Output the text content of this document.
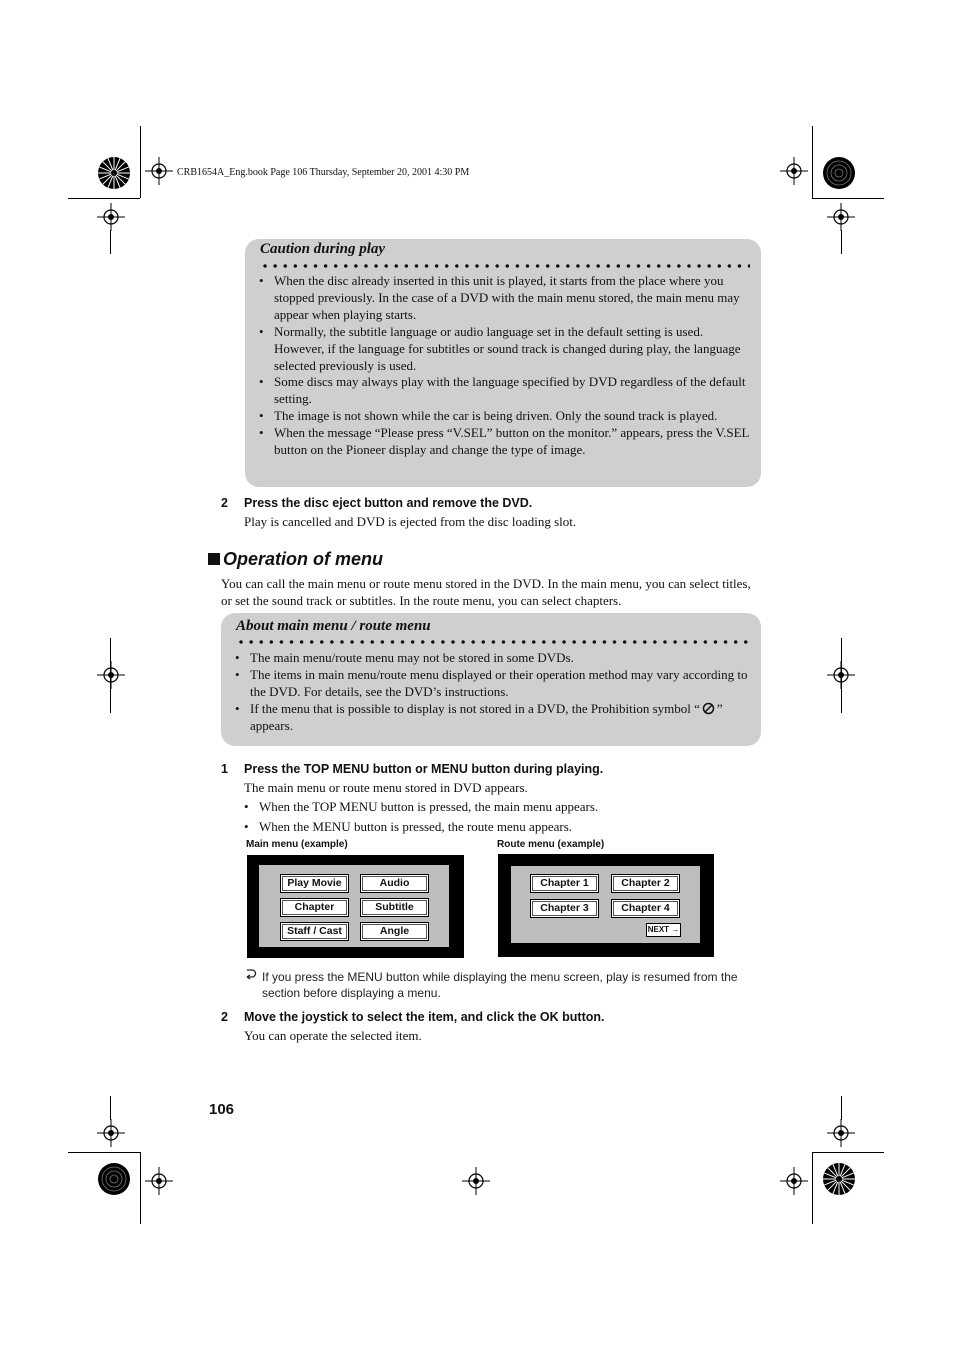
CRB1654A_Eng.book Page 106 Thursday, September 20, 2001 4:30 PM
Caution during play
• When the disc already inserted in this unit is played, it starts from the place where you stopped previously. In the case of a DVD with the main menu stored, the main menu may appear when playing starts.
• Normally, the subtitle language or audio language set in the default setting is used. However, if the language for subtitles or sound track is changed during play, the language selected previously is used.
• Some discs may always play with the language specified by DVD regardless of the default setting.
• The image is not shown while the car is being driven. Only the sound track is played.
• When the message “Please press “V.SEL” button on the monitor.” appears, press the V.SEL button on the Pioneer display and change the type of image.
2 Press the disc eject button and remove the DVD.
Play is cancelled and DVD is ejected from the disc loading slot.
Operation of menu
You can call the main menu or route menu stored in the DVD. In the main menu, you can select titles, or set the sound track or subtitles. In the route menu, you can select chapters.
About main menu / route menu
• The main menu/route menu may not be stored in some DVDs.
• The items in main menu/route menu displayed or their operation method may vary according to the DVD. For details, see the DVD’s instructions.
• If the menu that is possible to display is not stored in a DVD, the Prohibition symbol “ ” appears.
1 Press the TOP MENU button or MENU button during playing.
The main menu or route menu stored in DVD appears.
• When the TOP MENU button is pressed, the main menu appears.
• When the MENU button is pressed, the route menu appears.
Main menu (example)	Route menu (example)
Play Movie	Audio
Chapter	Subtitle
Staff / Cast	Angle
Chapter 1	Chapter 2
Chapter 3	Chapter 4
NEXT →
If you press the MENU button while displaying the menu screen, play is resumed from the section before displaying a menu.
2 Move the joystick to select the item, and click the OK button.
You can operate the selected item.
106
